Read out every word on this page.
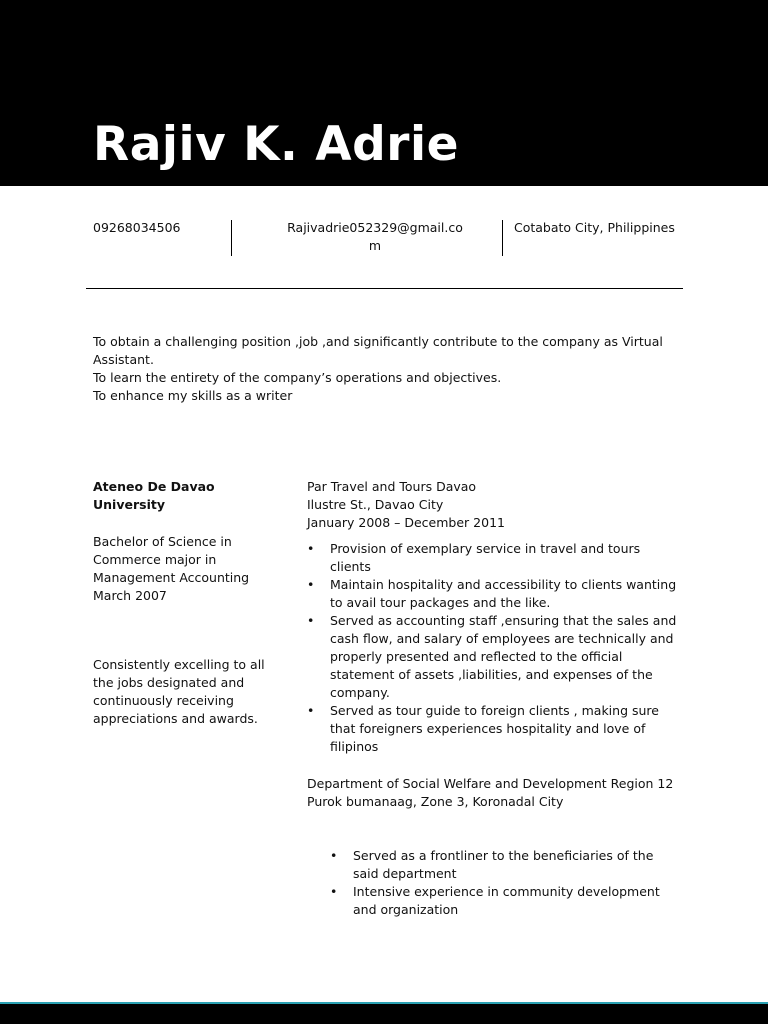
Rajiv K. Adrie
09268034506	Rajivadrie052329@gmail.com
Cotabato City, Philippines

To obtain a challenging position ,job ,and significantly contribute to the company as Virtual Assistant.

To learn the entirety of the company’s operations and objectives.

To enhance my skills as a writer

Ateneo De Davao University

Bachelor of Science in Commerce major in Management Accounting

March 2007

Consistently excelling to all the jobs designated and continuously receiving appreciations and awards.

Par Travel and Tours Davao

Ilustre St., Davao City

January 2008 – December 2011

• Provision of exemplary service in travel and tours clients
• Maintain hospitality and accessibility to clients wanting to avail tour packages and the like.
• Served as accounting staff ,ensuring that the sales and cash flow, and salary of employees are technically and properly presented and reflected to the official statement of assets ,liabilities, and expenses of the company.
• Served as tour guide to foreign clients , making sure that foreigners experiences hospitality and love of filipinos

Department of Social Welfare and Development Region 12

Purok bumanaag, Zone 3, Koronadal City

• Served as a frontliner to the beneficiaries of the said department
• Intensive experience in community development and organization
